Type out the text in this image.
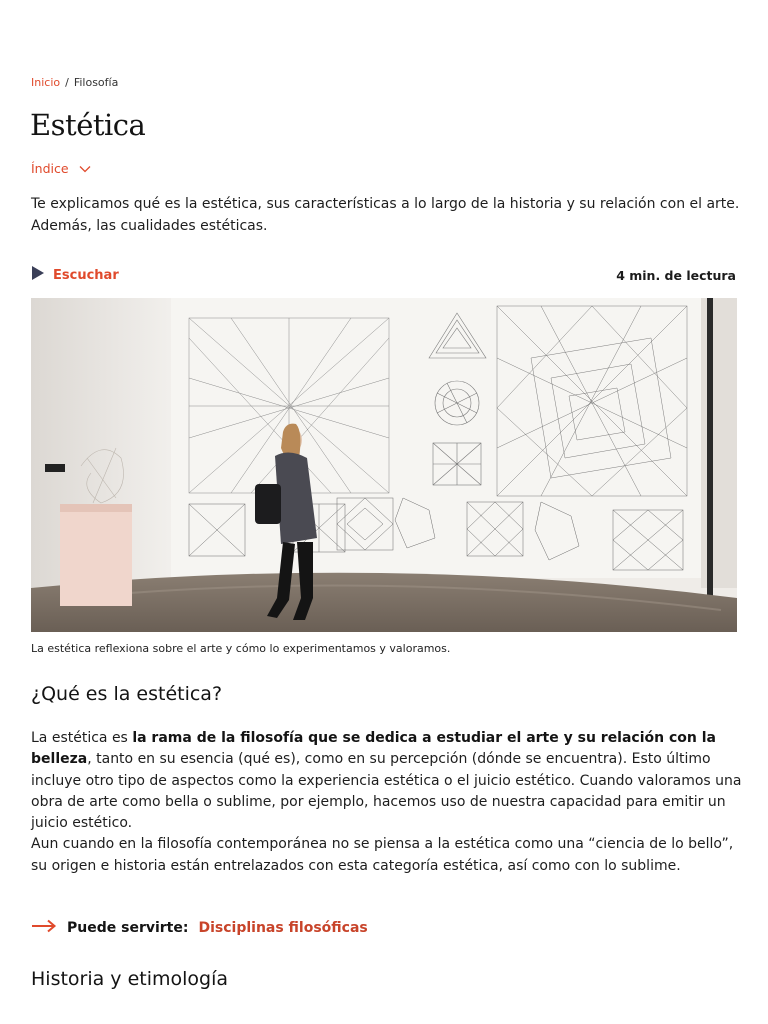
Inicio / Filosofía
Estética
Índice

Te explicamos qué es la estética, sus características a lo largo de la historia y su relación con el arte. Además, las cualidades estéticas.

Escuchar	4 min. de lectura

La estética reflexiona sobre el arte y cómo lo experimentamos y valoramos.

¿Qué es la estética?

La estética es la rama de la filosofía que se dedica a estudiar el arte y su relación con la belleza, tanto en su esencia (qué es), como en su percepción (dónde se encuentra). Esto último incluye otro tipo de aspectos como la experiencia estética o el juicio estético. Cuando valoramos una obra de arte como bella o sublime, por ejemplo, hacemos uso de nuestra capacidad para emitir un juicio estético.

Aun cuando en la filosofía contemporánea no se piensa a la estética como una “ciencia de lo bello”, su origen e historia están entrelazados con esta categoría estética, así como con lo sublime.

Puede servirte: Disciplinas filosóficas
Historia y etimología
